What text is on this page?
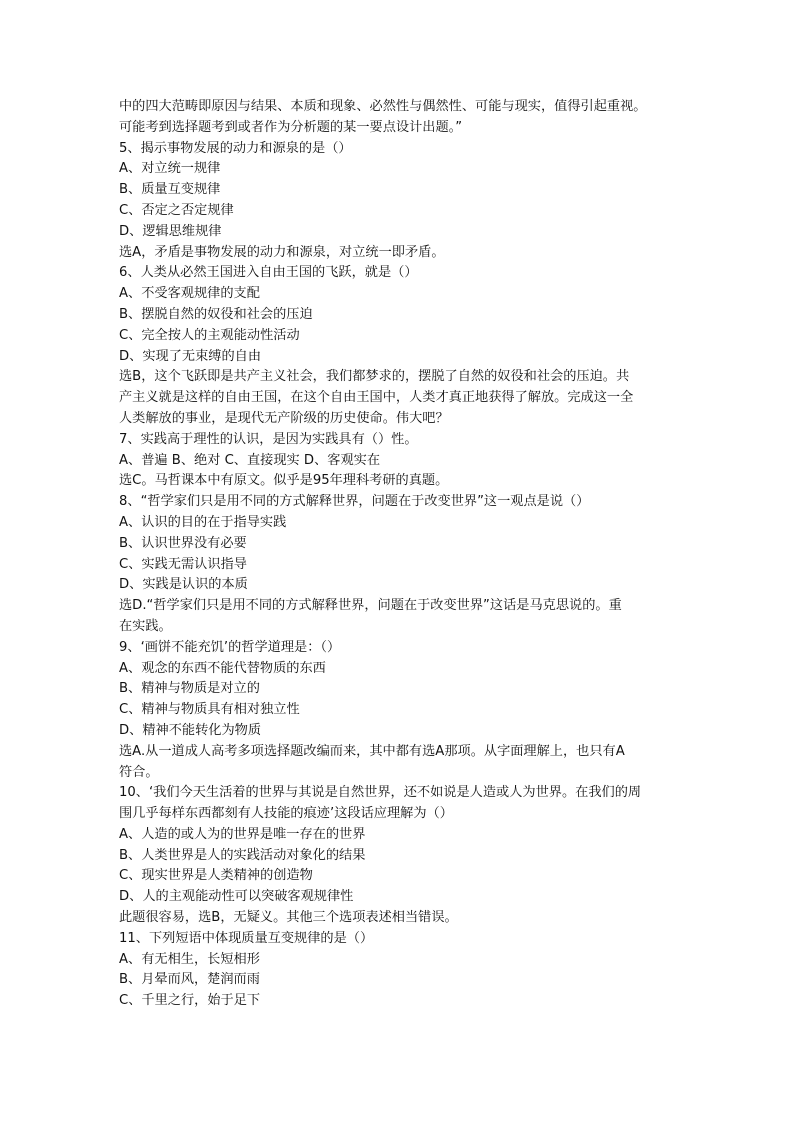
中的四大范畴即原因与结果、本质和现象、必然性与偶然性、可能与现实，值得引起重视。
可能考到选择题考到或者作为分析题的某一要点设计出题。”
5、揭示事物发展的动力和源泉的是（）
A、对立统一规律
B、质量互变规律
C、否定之否定规律
D、逻辑思维规律
选A，矛盾是事物发展的动力和源泉，对立统一即矛盾。
6、人类从必然王国进入自由王国的飞跃，就是（）
A、不受客观规律的支配
B、摆脱自然的奴役和社会的压迫
C、完全按人的主观能动性活动
D、实现了无束缚的自由
选B，这个飞跃即是共产主义社会，我们都梦求的，摆脱了自然的奴役和社会的压迫。共
产主义就是这样的自由王国，在这个自由王国中，人类才真正地获得了解放。完成这一全
人类解放的事业，是现代无产阶级的历史使命。伟大吧？
7、实践高于理性的认识，是因为实践具有（）性。
A、普遍 B、绝对 C、直接现实 D、客观实在
选C。马哲课本中有原文。似乎是95年理科考研的真题。
8、“哲学家们只是用不同的方式解释世界，问题在于改变世界”这一观点是说（）
A、认识的目的在于指导实践
B、认识世界没有必要
C、实践无需认识指导
D、实践是认识的本质
选D.“哲学家们只是用不同的方式解释世界，问题在于改变世界”这话是马克思说的。重
在实践。
9、‘画饼不能充饥’的哲学道理是：（）
A、观念的东西不能代替物质的东西
B、精神与物质是对立的
C、精神与物质具有相对独立性
D、精神不能转化为物质
选A.从一道成人高考多项选择题改编而来，其中都有选A那项。从字面理解上，也只有A
符合。
10、‘我们今天生活着的世界与其说是自然世界，还不如说是人造或人为世界。在我们的周
围几乎每样东西都刻有人技能的痕迹’这段话应理解为（）
A、人造的或人为的世界是唯一存在的世界
B、人类世界是人的实践活动对象化的结果
C、现实世界是人类精神的创造物
D、人的主观能动性可以突破客观规律性
此题很容易，选B，无疑义。其他三个选项表述相当错误。
11、下列短语中体现质量互变规律的是（）
A、有无相生，长短相形
B、月晕而风，楚润而雨
C、千里之行，始于足下
